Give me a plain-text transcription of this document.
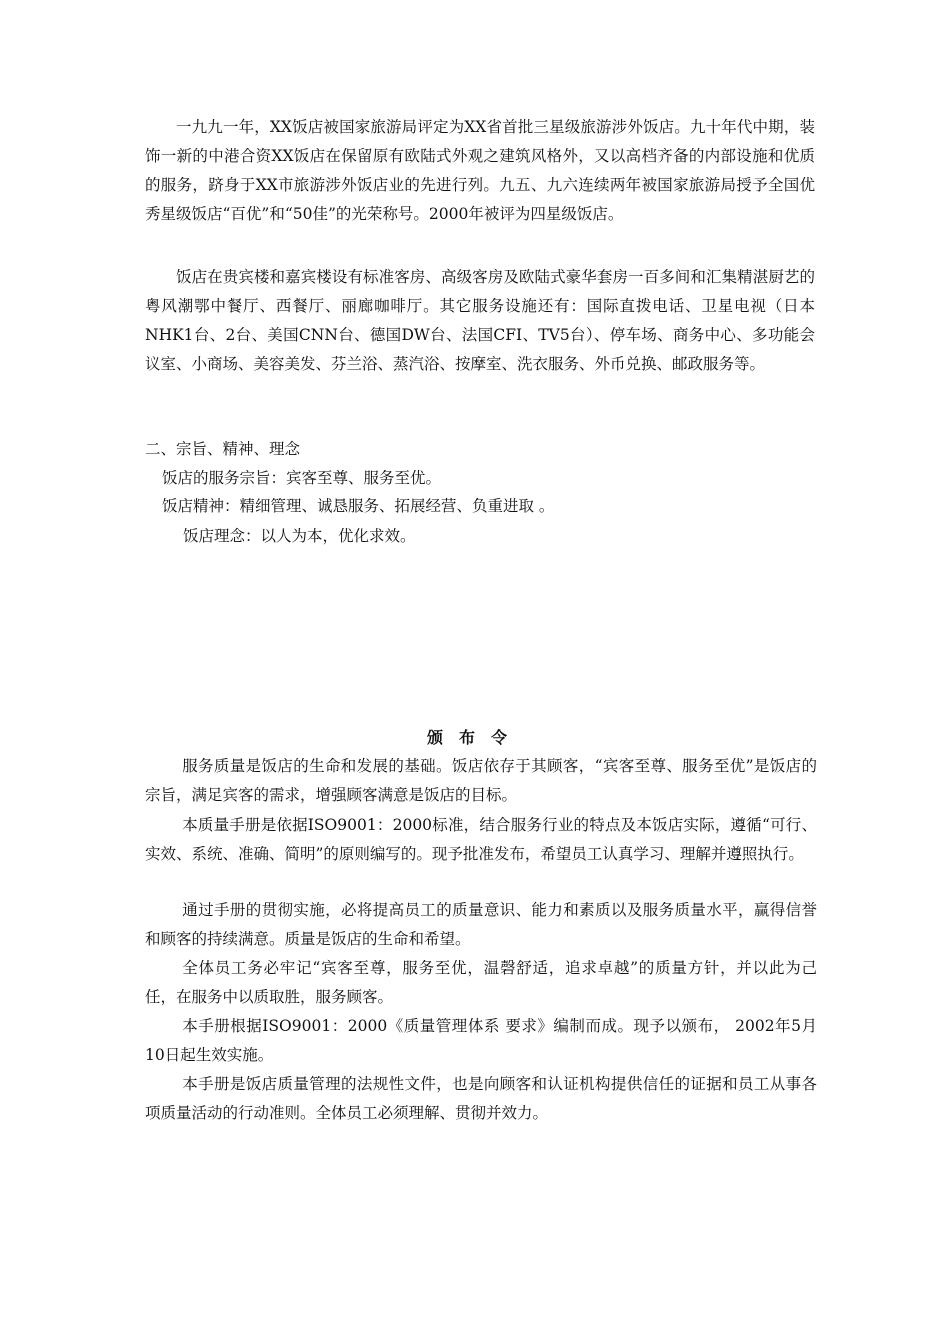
一九九一年，XX饭店被国家旅游局评定为XX省首批三星级旅游涉外饭店。九十年代中期，装饰一新的中港合资XX饭店在保留原有欧陆式外观之建筑风格外，又以高档齐备的内部设施和优质的服务，跻身于XX市旅游涉外饭店业的先进行列。九五、九六连续两年被国家旅游局授予全国优秀星级饭店“百优”和“50佳”的光荣称号。2000年被评为四星级饭店。

饭店在贵宾楼和嘉宾楼设有标准客房、高级客房及欧陆式豪华套房一百多间和汇集精湛厨艺的粤风潮鄂中餐厅、西餐厅、丽廊咖啡厅。其它服务设施还有：国际直拨电话、卫星电视（日本NHK1台、2台、美国CNN台、德国DW台、法国CFI、TV5台）、停车场、商务中心、多功能会议室、小商场、美容美发、芬兰浴、蒸汽浴、按摩室、洗衣服务、外币兑换、邮政服务等。

二、宗旨、精神、理念

饭店的服务宗旨：宾客至尊、服务至优。

饭店精神：精细管理、诚恳服务、拓展经营、负重进取 。

饭店理念：以人为本，优化求效。

颁布令

服务质量是饭店的生命和发展的基础。饭店依存于其顾客，“宾客至尊、服务至优”是饭店的宗旨，满足宾客的需求，增强顾客满意是饭店的目标。

本质量手册是依据ISO9001：2000标准，结合服务行业的特点及本饭店实际，遵循“可行、实效、系统、准确、简明”的原则编写的。现予批准发布，希望员工认真学习、理解并遵照执行。

通过手册的贯彻实施，必将提高员工的质量意识、能力和素质以及服务质量水平，赢得信誉和顾客的持续满意。质量是饭店的生命和希望。

全体员工务必牢记“宾客至尊，服务至优，温磬舒适，追求卓越”的质量方针，并以此为己任，在服务中以质取胜，服务顾客。

本手册根据ISO9001：2000《质量管理体系 要求》编制而成。现予以颁布， 2002年5月10日起生效实施。

本手册是饭店质量管理的法规性文件，也是向顾客和认证机构提供信任的证据和员工从事各项质量活动的行动准则。全体员工必须理解、贯彻并效力。
